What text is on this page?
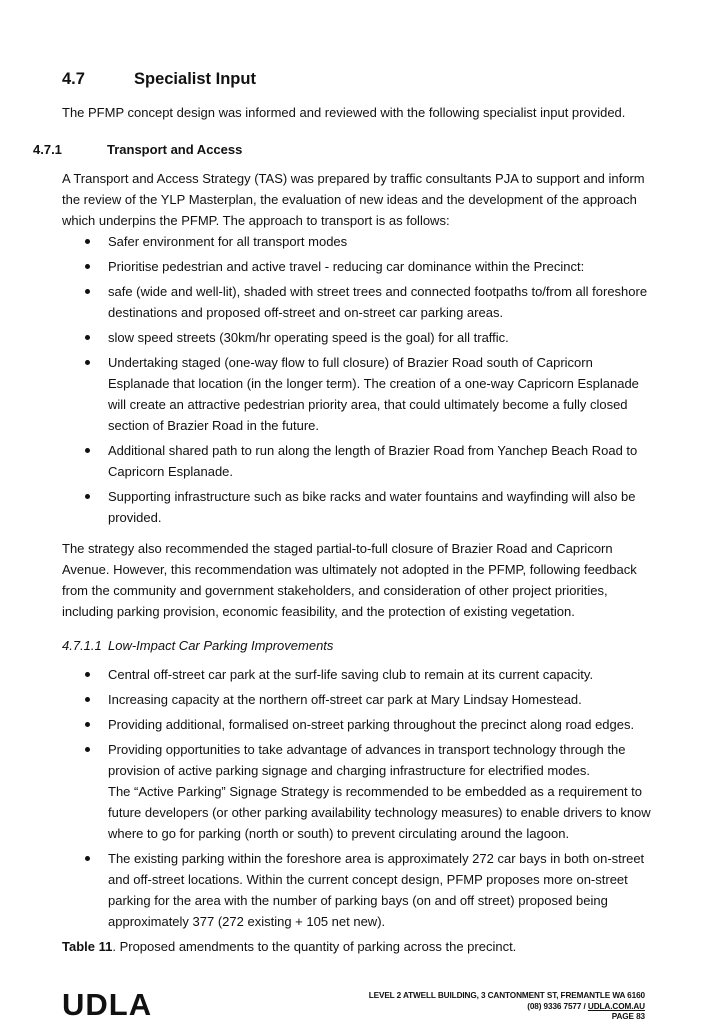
4.7	Specialist Input
The PFMP concept design was informed and reviewed with the following specialist input provided.
4.7.1	Transport and Access
A Transport and Access Strategy (TAS) was prepared by traffic consultants PJA to support and inform the review of the YLP Masterplan, the evaluation of new ideas and the development of the approach which underpins the PFMP. The approach to transport is as follows:
Safer environment for all transport modes
Prioritise pedestrian and active travel - reducing car dominance within the Precinct:
safe (wide and well-lit), shaded with street trees and connected footpaths to/from all foreshore destinations and proposed off-street and on-street car parking areas.
slow speed streets (30km/hr operating speed is the goal) for all traffic.
Undertaking staged (one-way flow to full closure) of Brazier Road south of Capricorn Esplanade that location (in the longer term). The creation of a one-way Capricorn Esplanade will create an attractive pedestrian priority area, that could ultimately become a fully closed section of Brazier Road in the future.
Additional shared path to run along the length of Brazier Road from Yanchep Beach Road to Capricorn Esplanade.
Supporting infrastructure such as bike racks and water fountains and wayfinding will also be provided.
The strategy also recommended the staged partial-to-full closure of Brazier Road and Capricorn Avenue. However, this recommendation was ultimately not adopted in the PFMP, following feedback from the community and government stakeholders, and consideration of other project priorities, including parking provision, economic feasibility, and the protection of existing vegetation.
4.7.1.1 Low-Impact Car Parking Improvements
Central off-street car park at the surf-life saving club to remain at its current capacity.
Increasing capacity at the northern off-street car park at Mary Lindsay Homestead.
Providing additional, formalised on-street parking throughout the precinct along road edges.
Providing opportunities to take advantage of advances in transport technology through the provision of active parking signage and charging infrastructure for electrified modes.
The “Active Parking” Signage Strategy is recommended to be embedded as a requirement to future developers (or other parking availability technology measures) to enable drivers to know where to go for parking (north or south) to prevent circulating around the lagoon.
The existing parking within the foreshore area is approximately 272 car bays in both on-street and off-street locations. Within the current concept design, PFMP proposes more on-street parking for the area with the number of parking bays (on and off street) proposed being approximately 377 (272 existing + 105 net new).
Table 11. Proposed amendments to the quantity of parking across the precinct.
UDLA	LEVEL 2 ATWELL BUILDING, 3 CANTONMENT ST, FREMANTLE WA 6160
(08) 9336 7577 / UDLA.COM.AU
PAGE 83
